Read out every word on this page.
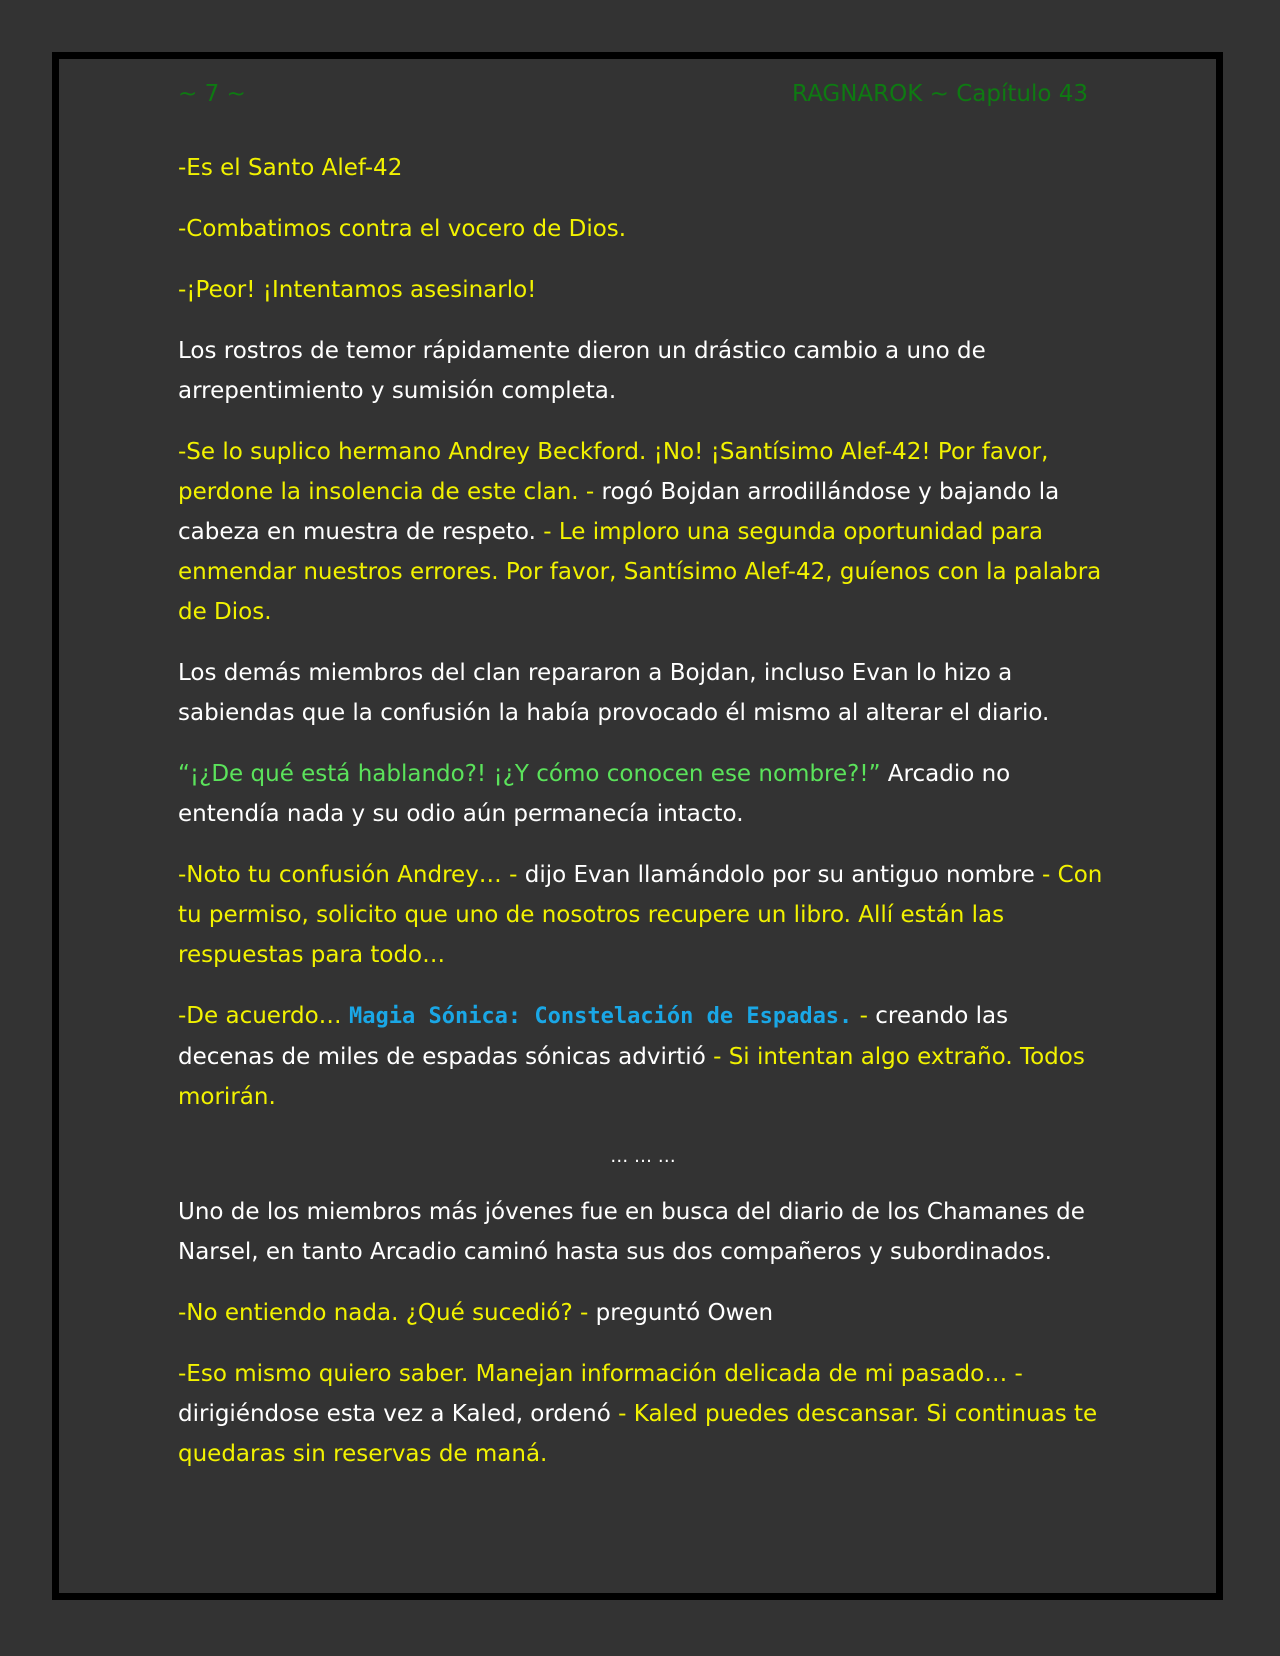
~ 7 ~	RAGNAROK ~ Capítulo 43

-Es el Santo Alef-42

-Combatimos contra el vocero de Dios.

-¡Peor! ¡Intentamos asesinarlo!

Los rostros de temor rápidamente dieron un drástico cambio a uno de arrepentimiento y sumisión completa.

-Se lo suplico hermano Andrey Beckford. ¡No! ¡Santísimo Alef-42! Por favor, perdone la insolencia de este clan. - rogó Bojdan arrodillándose y bajando la cabeza en muestra de respeto. - Le imploro una segunda oportunidad para enmendar nuestros errores. Por favor, Santísimo Alef-42, guíenos con la palabra de Dios.

Los demás miembros del clan repararon a Bojdan, incluso Evan lo hizo a sabiendas que la confusión la había provocado él mismo al alterar el diario.

“¡¿De qué está hablando?! ¡¿Y cómo conocen ese nombre?!” Arcadio no entendía nada y su odio aún permanecía intacto.

-Noto tu confusión Andrey… - dijo Evan llamándolo por su antiguo nombre - Con tu permiso, solicito que uno de nosotros recupere un libro. Allí están las respuestas para todo…

-De acuerdo… Magia Sónica: Constelación de Espadas. - creando las decenas de miles de espadas sónicas advirtió - Si intentan algo extraño. Todos morirán.

… … …

Uno de los miembros más jóvenes fue en busca del diario de los Chamanes de Narsel, en tanto Arcadio caminó hasta sus dos compañeros y subordinados.

-No entiendo nada. ¿Qué sucedió? - preguntó Owen

-Eso mismo quiero saber. Manejan información delicada de mi pasado… - dirigiéndose esta vez a Kaled, ordenó - Kaled puedes descansar. Si continuas te quedaras sin reservas de maná.
